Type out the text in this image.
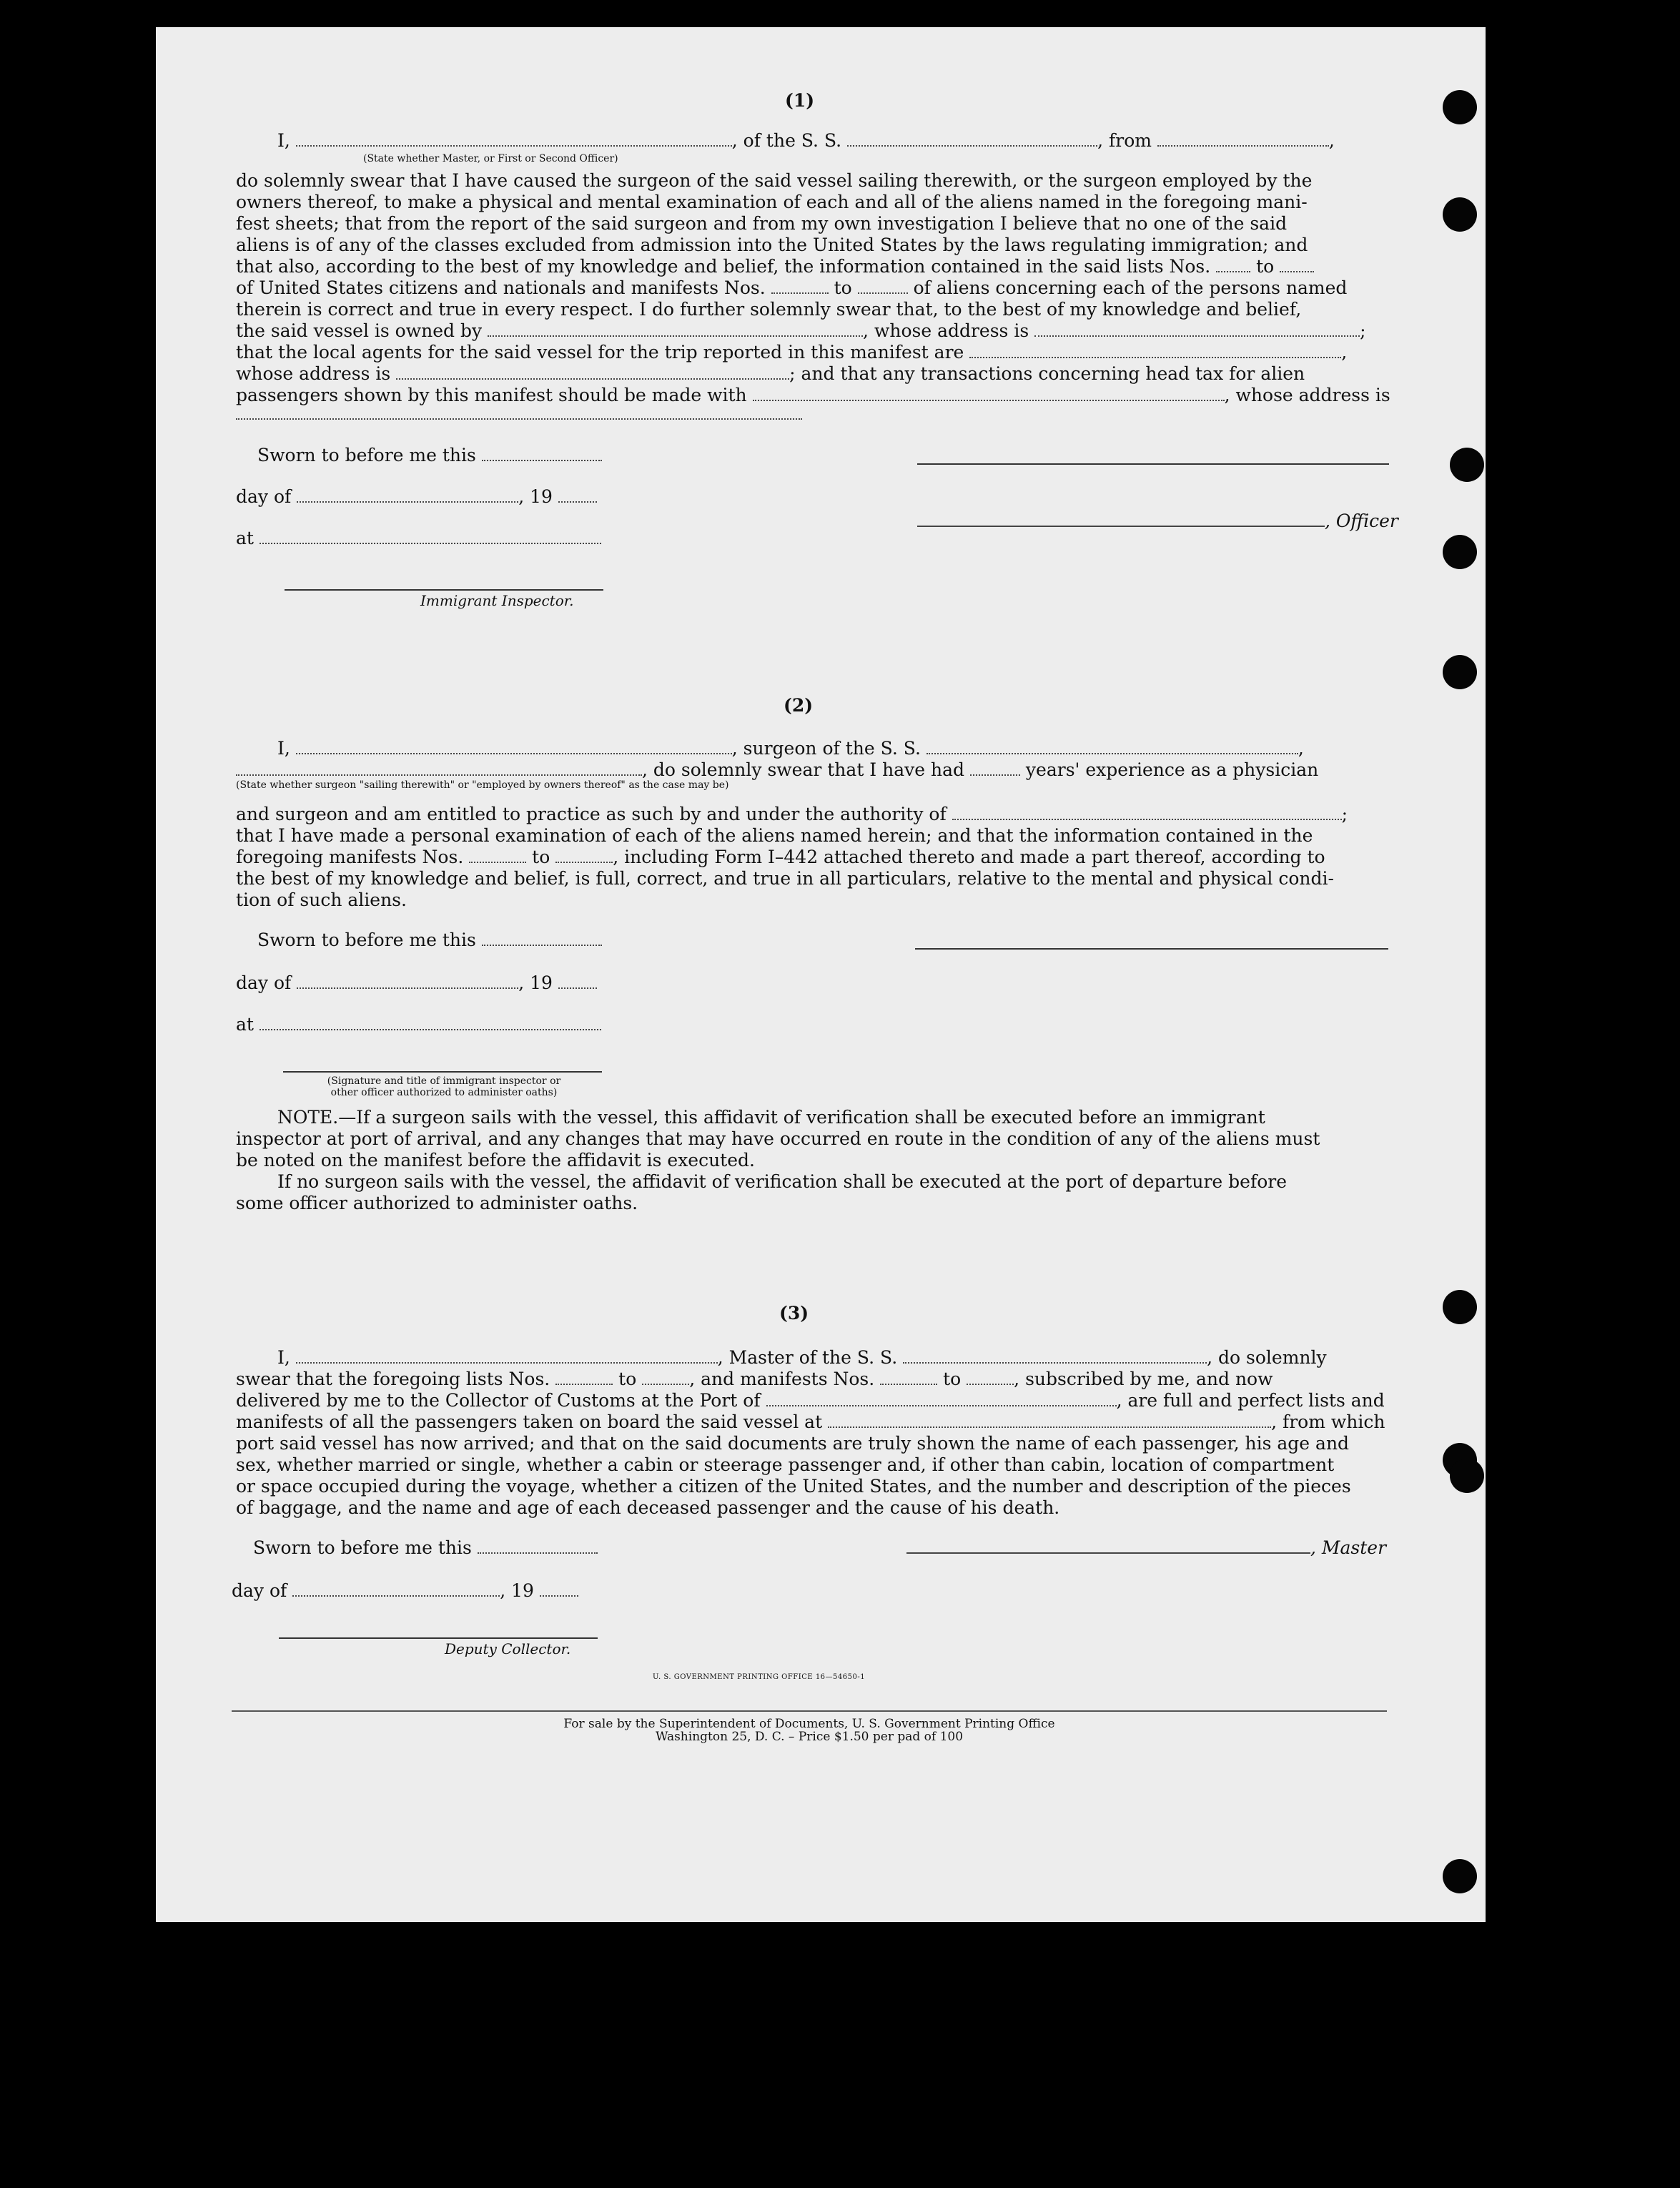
(1)
I,	, of the S. S.	, from	,
(State whether Master, or First or Second Officer)
do solemnly swear that I have caused the surgeon of the said vessel sailing therewith, or the surgeon employed by the
owners thereof, to make a physical and mental examination of each and all of the aliens named in the foregoing mani-
fest sheets; that from the report of the said surgeon and from my own investigation I believe that no one of the said
aliens is of any of the classes excluded from admission into the United States by the laws regulating immigration; and
that also, according to the best of my knowledge and belief, the information contained in the said lists Nos.	to
of United States citizens and nationals and manifests Nos.	to	of aliens concerning each of the persons named
therein is correct and true in every respect. I do further solemnly swear that, to the best of my knowledge and belief,
the said vessel is owned by	, whose address is	;
that the local agents for the said vessel for the trip reported in this manifest are	,
whose address is	; and that any transactions concerning head tax for alien
passengers shown by this manifest should be made with	, whose address is
Sworn to before me this
day of	, 19
at
Immigrant Inspector.
, Officer
(2)
I,	, surgeon of the S. S.	,
, do solemnly swear that I have had	years' experience as a physician
(State whether surgeon "sailing therewith" or "employed by owners thereof" as the case may be)
and surgeon and am entitled to practice as such by and under the authority of	;
that I have made a personal examination of each of the aliens named herein; and that the information contained in the
foregoing manifests Nos.	to	, including Form I–442 attached thereto and made a part thereof, according to
the best of my knowledge and belief, is full, correct, and true in all particulars, relative to the mental and physical condi-
tion of such aliens.
Sworn to before me this
day of	, 19
at
(Signature and title of immigrant inspector or
other officer authorized to administer oaths)
NOTE.—If a surgeon sails with the vessel, this affidavit of verification shall be executed before an immigrant
inspector at port of arrival, and any changes that may have occurred en route in the condition of any of the aliens must
be noted on the manifest before the affidavit is executed.
If no surgeon sails with the vessel, the affidavit of verification shall be executed at the port of departure before
some officer authorized to administer oaths.
(3)
I,	, Master of the S. S.	, do solemnly
swear that the foregoing lists Nos.	to	, and manifests Nos.	to	, subscribed by me, and now
delivered by me to the Collector of Customs at the Port of	, are full and perfect lists and
manifests of all the passengers taken on board the said vessel at	, from which
port said vessel has now arrived; and that on the said documents are truly shown the name of each passenger, his age and
sex, whether married or single, whether a cabin or steerage passenger and, if other than cabin, location of compartment
or space occupied during the voyage, whether a citizen of the United States, and the number and description of the pieces
of baggage, and the name and age of each deceased passenger and the cause of his death.
Sworn to before me this	, Master
day of	, 19
Deputy Collector.
U. S. GOVERNMENT PRINTING OFFICE 16—54650-1
For sale by the Superintendent of Documents, U. S. Government Printing Office
Washington 25, D. C. – Price $1.50 per pad of 100
